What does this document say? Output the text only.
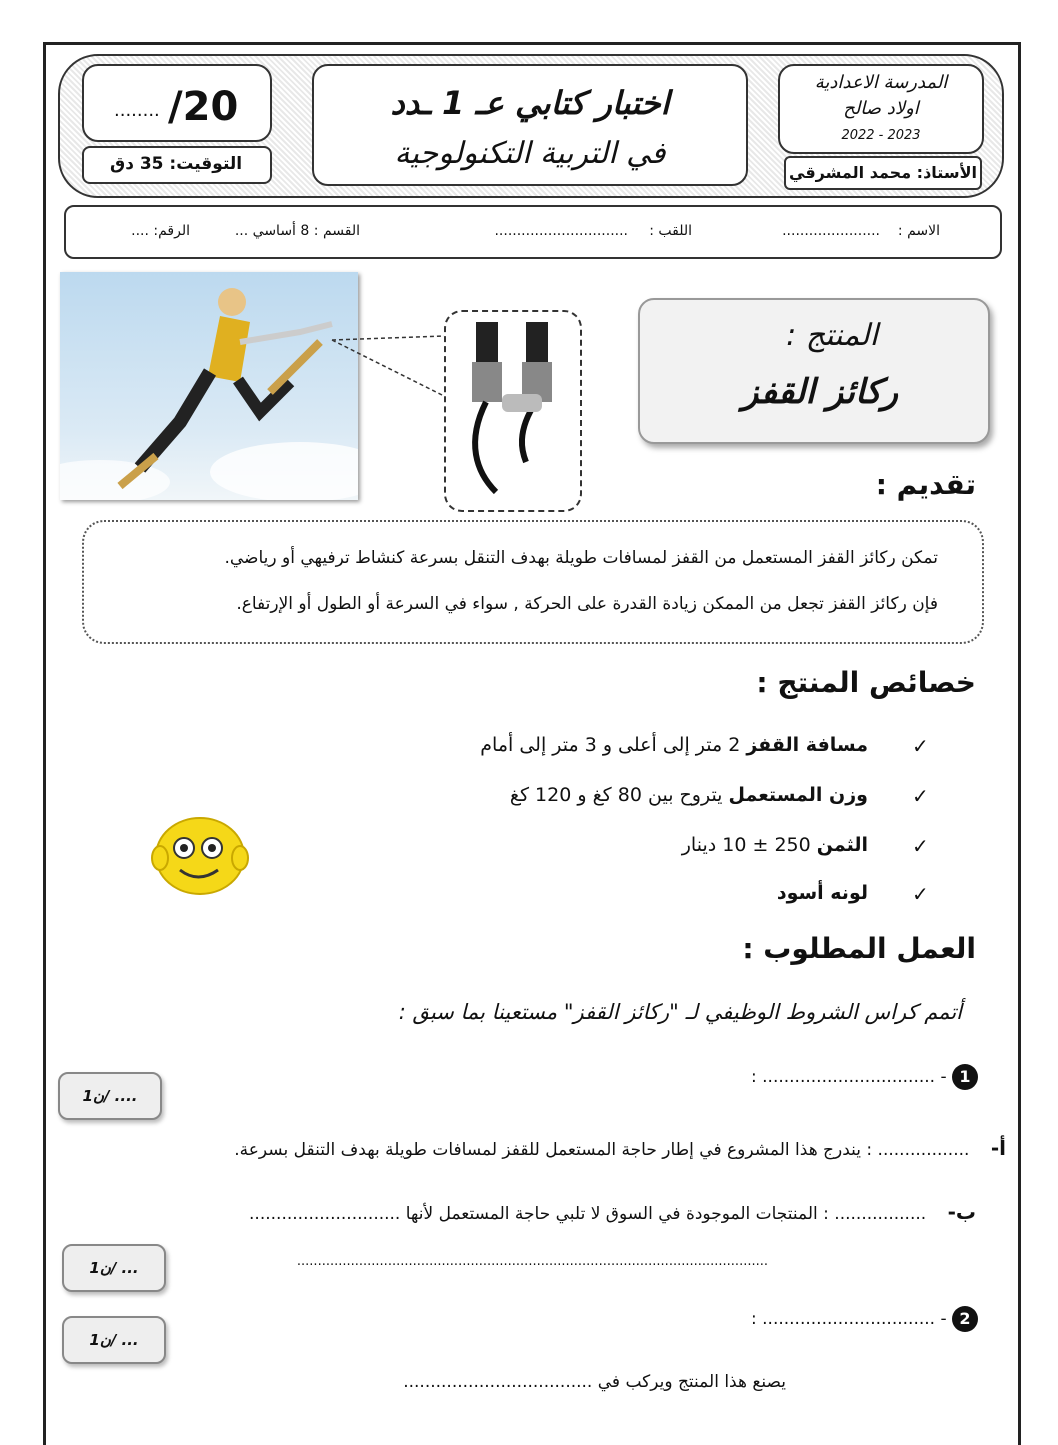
........ /20
التوقيت: 35 دق
اختبار كتابي عـ 1 ـدد
في التربية التكنولوجية
المدرسة الاعدادية
اولاد صالح
2022 - 2023
الأستاذ: محمد المشرقي
الاسم :
......................
اللقب :
..............................
القسم : 8 أساسي ...
الرقم: ....
المنتج :
ركائز القفز
تقديم :

تمكن ركائز القفز المستعمل من القفز لمسافات طويلة بهدف التنقل بسرعة كنشاط ترفيهي أو رياضي.

فإن ركائز القفز تجعل من الممكن زيادة القدرة على الحركة , سواء في السرعة أو الطول أو الإرتفاع.

خصائص المنتج :
✓
مسافة القفز 2 متر إلى أعلى و 3 متر إلى أمام
✓
وزن المستعمل يتروح بين 80 كغ و 120 كغ
✓
الثمن 250 ± 10 دينار
✓
لونه أسود
العمل المطلوب :
أتمم كراس الشروط الوظيفي لـ "ركائز القفز" مستعينا بما سبق :
1 - ................................ :
1ن/ ....
أ- ................. : يندرج هذا المشروع في إطار حاجة المستعمل للقفز لمسافات طويلة بهدف التنقل بسرعة.
ب- ................. : المنتجات الموجودة في السوق لا تلبي حاجة المستعمل لأنها ............................
..................................................................................................................
1ن/ ...
2 - ................................ :
1ن/ ...
يصنع هذا المنتج ويركب في ...................................
